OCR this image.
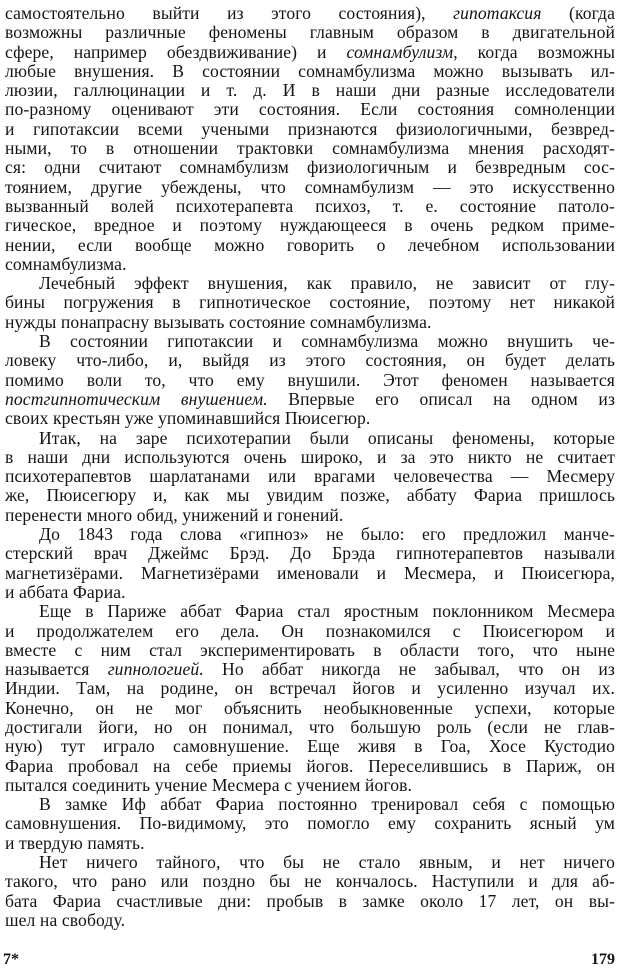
самостоятельно выйти из этого состояния), гипотаксия (когда
возможны различные феномены главным образом в двигательной
сфере, например обездвиживание) и сомнамбулизм, когда возможны
любые внушения. В состоянии сомнамбулизма можно вызывать ил-
люзии, галлюцинации и т. д. И в наши дни разные исследователи
по-разному оценивают эти состояния. Если состояния сомноленции
и гипотаксии всеми учеными признаются физиологичными, безвред-
ными, то в отношении трактовки сомнамбулизма мнения расходят-
ся: одни считают сомнамбулизм физиологичным и безвредным сос-
тоянием, другие убеждены, что сомнамбулизм — это искусственно
вызванный волей психотерапевта психоз, т. е. состояние патоло-
гическое, вредное и поэтому нуждающееся в очень редком приме-
нении, если вообще можно говорить о лечебном использовании
сомнамбулизма.
Лечебный эффект внушения, как правило, не зависит от глу-
бины погружения в гипнотическое состояние, поэтому нет никакой
нужды понапрасну вызывать состояние сомнамбулизма.
В состоянии гипотаксии и сомнамбулизма можно внушить че-
ловеку что-либо, и, выйдя из этого состояния, он будет делать
помимо воли то, что ему внушили. Этот феномен называется
постгипнотическим внушением. Впервые его описал на одном из
своих крестьян уже упоминавшийся Пюисегюр.
Итак, на заре психотерапии были описаны феномены, которые
в наши дни используются очень широко, и за это никто не считает
психотерапевтов шарлатанами или врагами человечества — Месмеру
же, Пюисегюру и, как мы увидим позже, аббату Фариа пришлось
перенести много обид, унижений и гонений.
До 1843 года слова «гипноз» не было: его предложил манче-
стерский врач Джеймс Брэд. До Брэда гипнотерапевтов называли
магнетизёрами. Магнетизёрами именовали и Месмера, и Пюисегюра,
и аббата Фариа.
Еще в Париже аббат Фариа стал яростным поклонником Месмера
и продолжателем его дела. Он познакомился с Пюисегюром и
вместе с ним стал экспериментировать в области того, что ныне
называется гипнологией. Но аббат никогда не забывал, что он из
Индии. Там, на родине, он встречал йогов и усиленно изучал их.
Конечно, он не мог объяснить необыкновенные успехи, которые
достигали йоги, но он понимал, что большую роль (если не глав-
ную) тут играло самовнушение. Еще живя в Гоа, Хосе Кустодио
Фариа пробовал на себе приемы йогов. Переселившись в Париж, он
пытался соединить учение Месмера с учением йогов.
В замке Иф аббат Фариа постоянно тренировал себя с помощью
самовнушения. По-видимому, это помогло ему сохранить ясный ум
и твердую память.
Нет ничего тайного, что бы не стало явным, и нет ничего
такого, что рано или поздно бы не кончалось. Наступили и для аб-
бата Фариа счастливые дни: пробыв в замке около 17 лет, он вы-
шел на свободу.
7*	179
